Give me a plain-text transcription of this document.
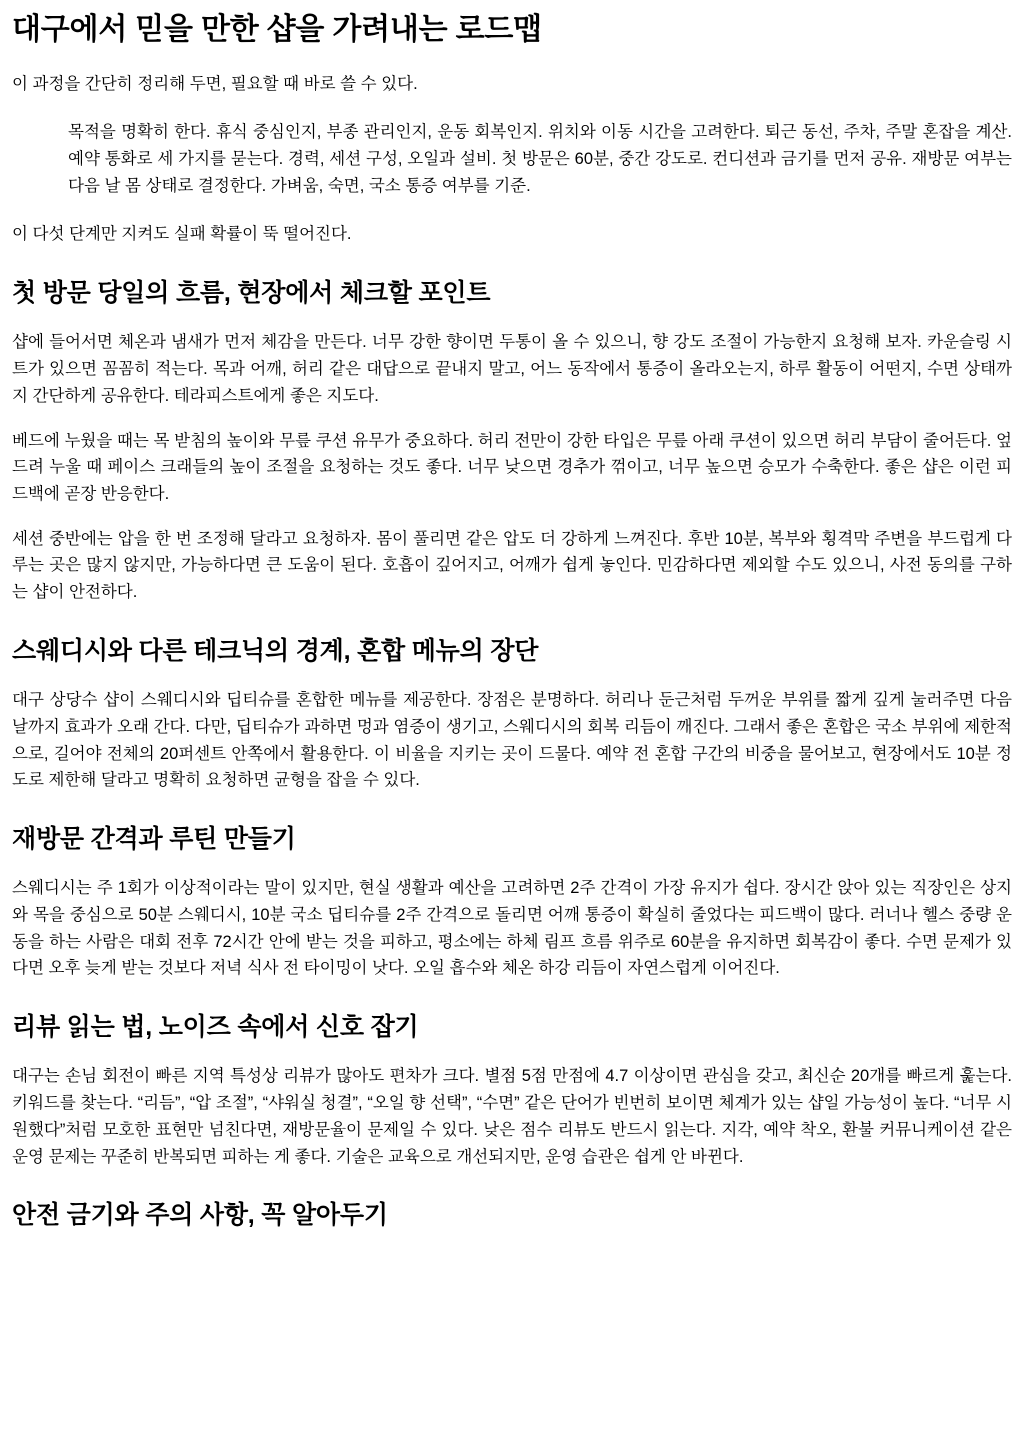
대구에서 믿을 만한 샵을 가려내는 로드맵

이 과정을 간단히 정리해 두면, 필요할 때 바로 쓸 수 있다.

목적을 명확히 한다. 휴식 중심인지, 부종 관리인지, 운동 회복인지. 위치와 이동 시간을 고려한다. 퇴근 동선, 주차, 주말 혼잡을 계산. 예약 통화로 세 가지를 묻는다. 경력, 세션 구성, 오일과 설비. 첫 방문은 60분, 중간 강도로. 컨디션과 금기를 먼저 공유. 재방문 여부는 다음 날 몸 상태로 결정한다. 가벼움, 숙면, 국소 통증 여부를 기준.

이 다섯 단계만 지켜도 실패 확률이 뚝 떨어진다.

첫 방문 당일의 흐름, 현장에서 체크할 포인트

샵에 들어서면 체온과 냄새가 먼저 체감을 만든다. 너무 강한 향이면 두통이 올 수 있으니, 향 강도 조절이 가능한지 요청해 보자. 카운슬링 시트가 있으면 꼼꼼히 적는다. 목과 어깨, 허리 같은 대답으로 끝내지 말고, 어느 동작에서 통증이 올라오는지, 하루 활동이 어떤지, 수면 상태까지 간단하게 공유한다. 테라피스트에게 좋은 지도다.

베드에 누웠을 때는 목 받침의 높이와 무릎 쿠션 유무가 중요하다. 허리 전만이 강한 타입은 무릎 아래 쿠션이 있으면 허리 부담이 줄어든다. 엎드려 누울 때 페이스 크래들의 높이 조절을 요청하는 것도 좋다. 너무 낮으면 경추가 꺾이고, 너무 높으면 승모가 수축한다. 좋은 샵은 이런 피드백에 곧장 반응한다.

세션 중반에는 압을 한 번 조정해 달라고 요청하자. 몸이 풀리면 같은 압도 더 강하게 느껴진다. 후반 10분, 복부와 횡격막 주변을 부드럽게 다루는 곳은 많지 않지만, 가능하다면 큰 도움이 된다. 호흡이 깊어지고, 어깨가 쉽게 놓인다. 민감하다면 제외할 수도 있으니, 사전 동의를 구하는 샵이 안전하다.

스웨디시와 다른 테크닉의 경계, 혼합 메뉴의 장단

대구 상당수 샵이 스웨디시와 딥티슈를 혼합한 메뉴를 제공한다. 장점은 분명하다. 허리나 둔근처럼 두꺼운 부위를 짧게 깊게 눌러주면 다음 날까지 효과가 오래 간다. 다만, 딥티슈가 과하면 멍과 염증이 생기고, 스웨디시의 회복 리듬이 깨진다. 그래서 좋은 혼합은 국소 부위에 제한적으로, 길어야 전체의 20퍼센트 안쪽에서 활용한다. 이 비율을 지키는 곳이 드물다. 예약 전 혼합 구간의 비중을 물어보고, 현장에서도 10분 정도로 제한해 달라고 명확히 요청하면 균형을 잡을 수 있다.

재방문 간격과 루틴 만들기

스웨디시는 주 1회가 이상적이라는 말이 있지만, 현실 생활과 예산을 고려하면 2주 간격이 가장 유지가 쉽다. 장시간 앉아 있는 직장인은 상지와 목을 중심으로 50분 스웨디시, 10분 국소 딥티슈를 2주 간격으로 돌리면 어깨 통증이 확실히 줄었다는 피드백이 많다. 러너나 헬스 중량 운동을 하는 사람은 대회 전후 72시간 안에 받는 것을 피하고, 평소에는 하체 림프 흐름 위주로 60분을 유지하면 회복감이 좋다. 수면 문제가 있다면 오후 늦게 받는 것보다 저녁 식사 전 타이밍이 낫다. 오일 흡수와 체온 하강 리듬이 자연스럽게 이어진다.

리뷰 읽는 법, 노이즈 속에서 신호 잡기

대구는 손님 회전이 빠른 지역 특성상 리뷰가 많아도 편차가 크다. 별점 5점 만점에 4.7 이상이면 관심을 갖고, 최신순 20개를 빠르게 훑는다. 키워드를 찾는다. “리듬”, “압 조절”, “샤워실 청결”, “오일 향 선택”, “수면” 같은 단어가 빈번히 보이면 체계가 있는 샵일 가능성이 높다. “너무 시원했다”처럼 모호한 표현만 넘친다면, 재방문율이 문제일 수 있다. 낮은 점수 리뷰도 반드시 읽는다. 지각, 예약 착오, 환불 커뮤니케이션 같은 운영 문제는 꾸준히 반복되면 피하는 게 좋다. 기술은 교육으로 개선되지만, 운영 습관은 쉽게 안 바뀐다.

안전 금기와 주의 사항, 꼭 알아두기
